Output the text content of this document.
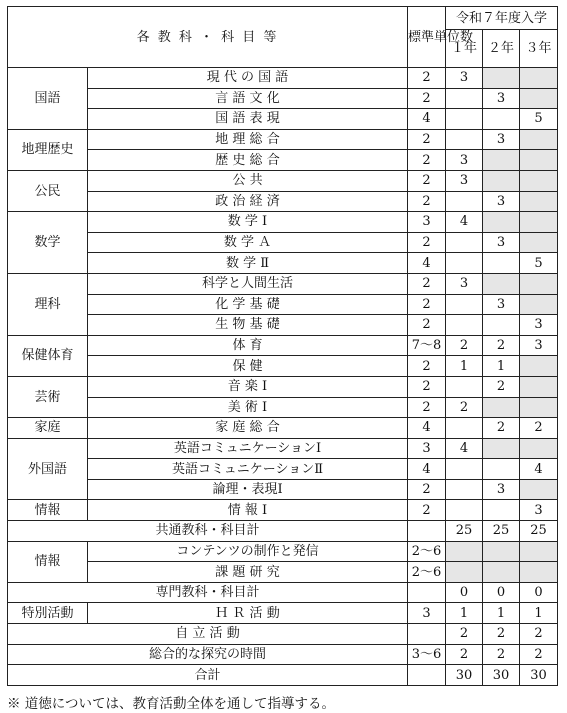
各 教 科 ・ 科 目 等		標準単位数	令和７年度入学		
			１年	２年	３年
国語	現 代 の 国 語	2	3		
	言 語 文 化	2		3	
	国 語 表 現	4			5
地理歴史	地 理 総 合	2		3	
	歴 史 総 合	2	3		
公民	公 共	2	3		
	政 治 経 済	2		3	
数学	数 学 Ⅰ	3	4		
	数 学 Ａ	2		3	
	数 学 Ⅱ	4			5
理科	科学と人間生活	2	3		
	化 学 基 礎	2		3	
	生 物 基 礎	2			3
保健体育	体 育	7～8	2	2	3
	保 健	2	1	1	
芸術	音 楽 Ⅰ	2		2	
	美 術 Ⅰ	2	2		
家庭	家 庭 総 合	4		2	2
外国語	英語コミュニケーションⅠ	3	4		
	英語コミュニケーションⅡ	4			4
	論理・表現Ⅰ	2		3	
情報	情 報 Ⅰ	2			3
共通教科・科目計			25	25	25
情報	コンテンツの制作と発信	2～6			
	課 題 研 究	2～6			
専門教科・科目計			0	0	0
特別活動	Ｈ Ｒ 活 動	3	1	1	1
自 立 活 動			2	2	2
総合的な探究の時間		3～6	2	2	2
合計			30	30	30
※ 道徳については、教育活動全体を通して指導する。
